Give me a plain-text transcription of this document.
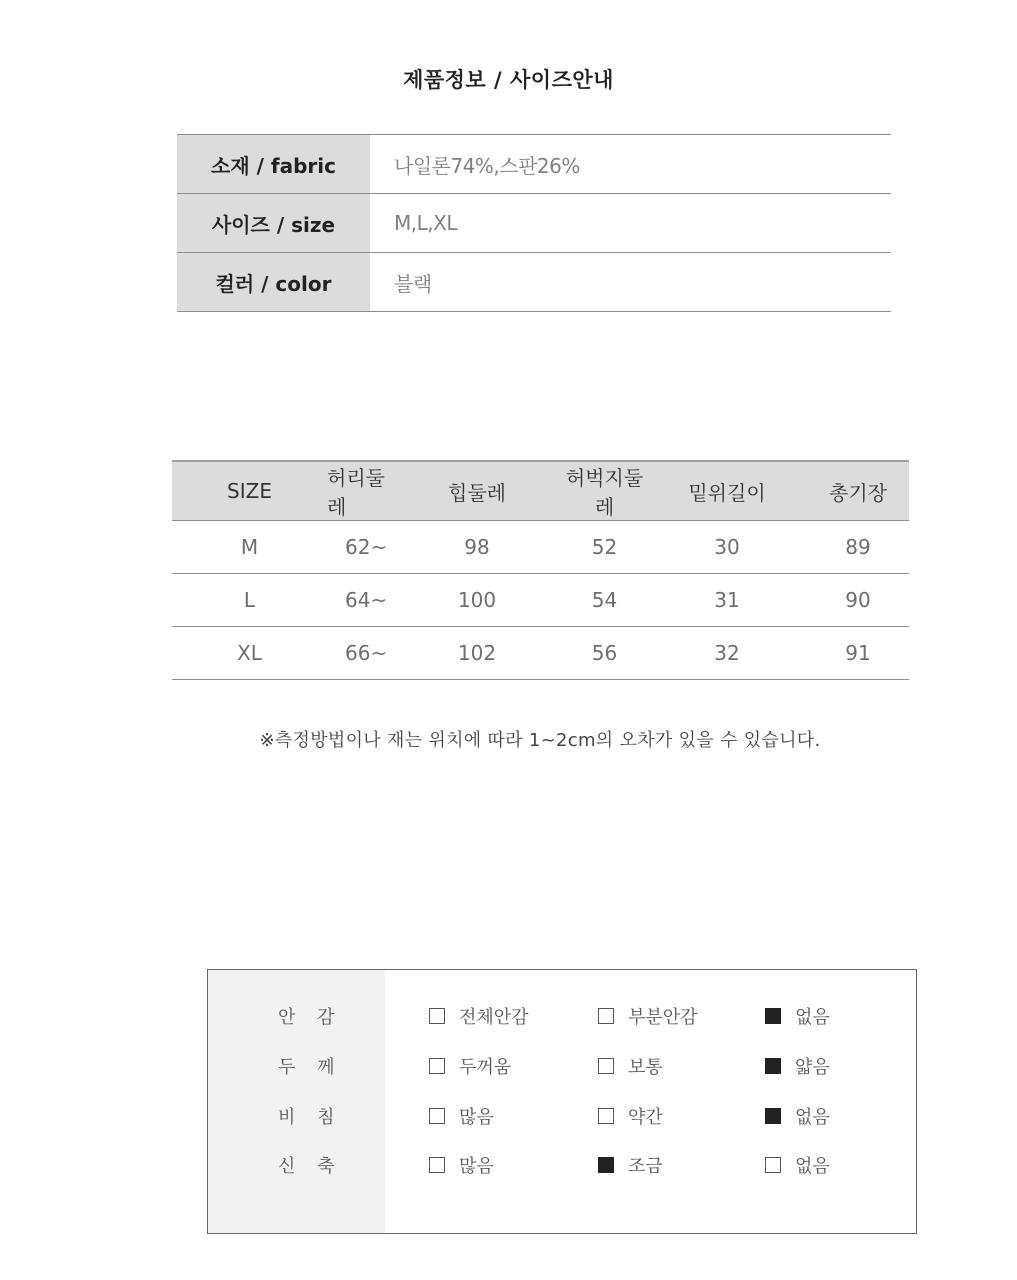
제품정보 / 사이즈안내
소재 / fabric	나일론74%,스판26%
사이즈 / size	M,L,XL
컬러 / color	블랙
SIZE	허리둘레	힙둘레	허벅지둘레	밑위길이	총기장
M	62~	98	52	30	89
L	64~	100	54	31	90
XL	66~	102	56	32	91
※측정방법이나 재는 위치에 따라 1~2cm의 오차가 있을 수 있습니다.
안 감	전체안감	부분안감	없음
두 께	두꺼움	보통	얇음
비 침	많음	약간	없음
신 축	많음	조금	없음
